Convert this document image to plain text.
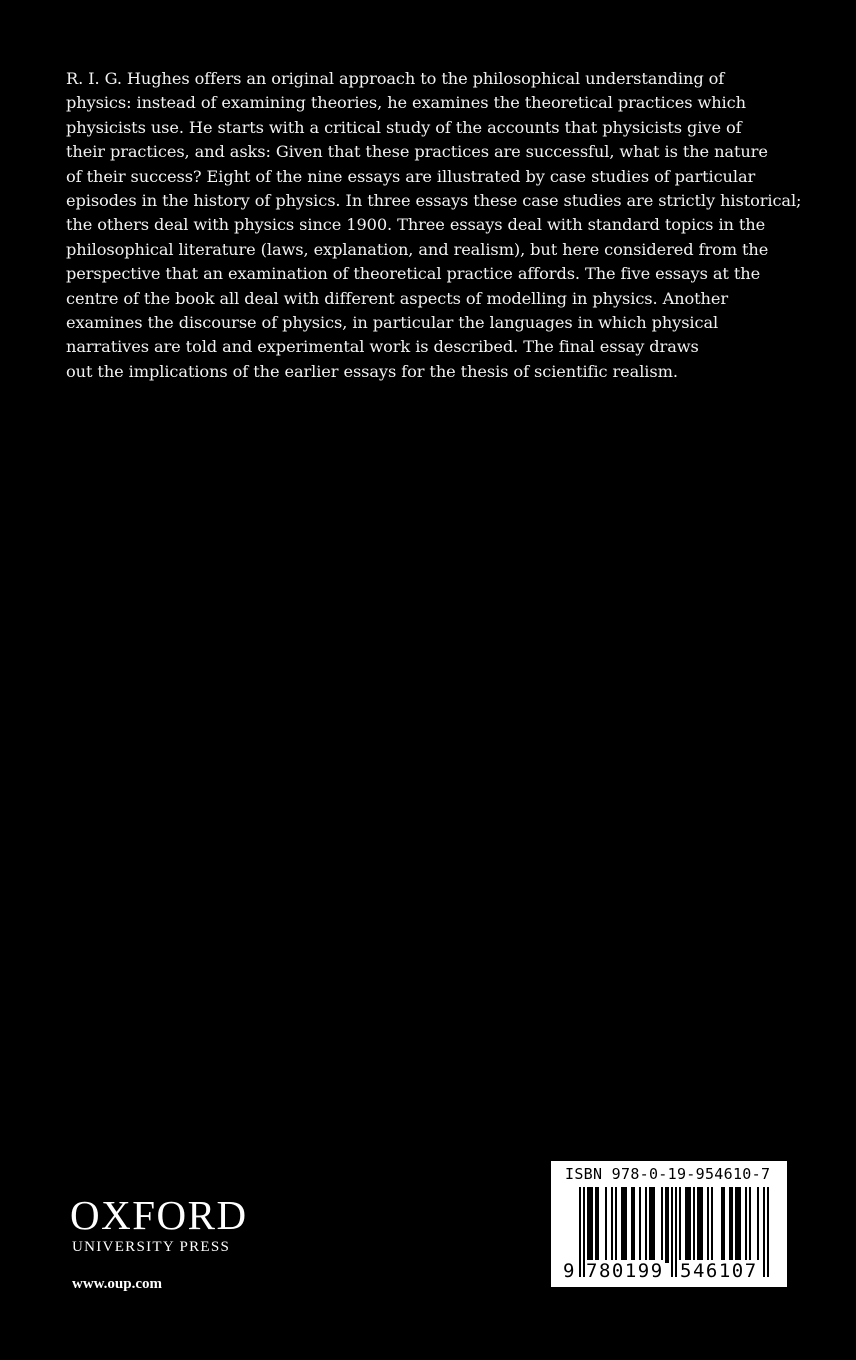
R. I. G. Hughes offers an original approach to the philosophical understanding of
physics: instead of examining theories, he examines the theoretical practices which
physicists use. He starts with a critical study of the accounts that physicists give of
their practices, and asks: Given that these practices are successful, what is the nature
of their success? Eight of the nine essays are illustrated by case studies of particular
episodes in the history of physics. In three essays these case studies are strictly historical;
the others deal with physics since 1900. Three essays deal with standard topics in the
philosophical literature (laws, explanation, and realism), but here considered from the
perspective that an examination of theoretical practice affords. The five essays at the
centre of the book all deal with different aspects of modelling in physics. Another
examines the discourse of physics, in particular the languages in which physical
narratives are told and experimental work is described. The final essay draws
out the implications of the earlier essays for the thesis of scientific realism.
OXFORD
UNIVERSITY PRESS
www.oup.com
ISBN 978-0-19-954610-7
9 780199 546107
